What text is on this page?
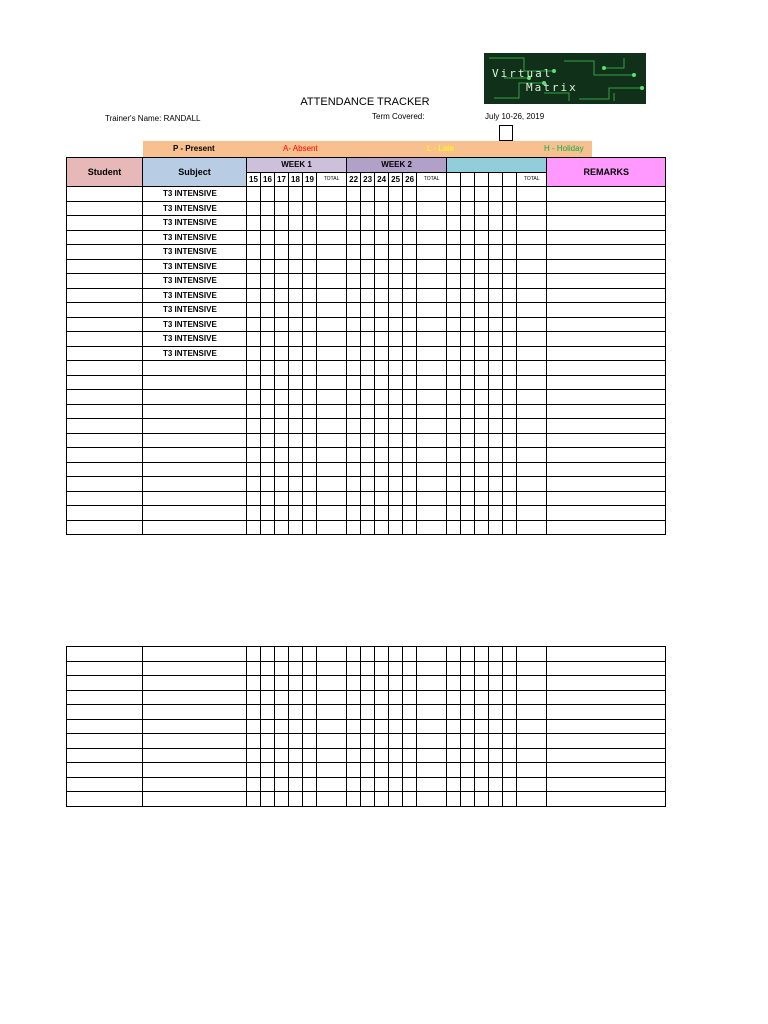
Virtual
Matrix
ATTENDANCE TRACKER
Trainer's Name: RANDALL	Term Covered:	July 10-26, 2019
P - Present	A- Absent	L - Late	H - Holiday
Student	Subject	WEEK 1						WEEK 2												REMARKS
		15	16	17	18	19	TOTAL	22	23	24	25	26	TOTAL						TOTAL	
	T3 INTENSIVE																			
	T3 INTENSIVE																			
	T3 INTENSIVE																			
	T3 INTENSIVE																			
	T3 INTENSIVE																			
	T3 INTENSIVE																			
	T3 INTENSIVE																			
	T3 INTENSIVE																			
	T3 INTENSIVE																			
	T3 INTENSIVE																			
	T3 INTENSIVE																			
	T3 INTENSIVE																			
